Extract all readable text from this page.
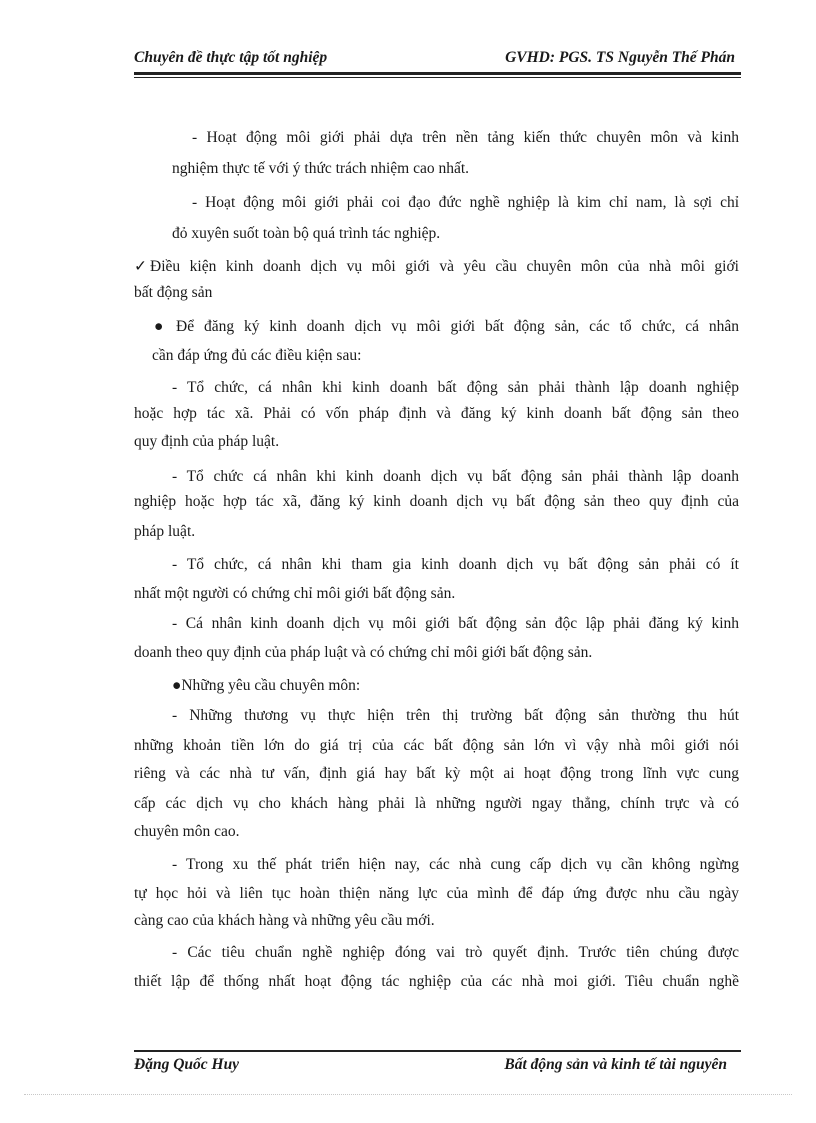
Chuyên đề thực tập tốt nghiệp	GVHD: PGS. TS Nguyễn Thế Phán
- Hoạt động môi giới phải dựa trên nền tảng kiến thức chuyên môn và kinh
nghiệm thực tế với ý thức trách nhiệm cao nhất.
- Hoạt động môi giới phải coi đạo đức nghề nghiệp là kim chỉ nam, là sợi chỉ
đỏ xuyên suốt toàn bộ quá trình tác nghiệp.
✓ Điều kiện kinh doanh dịch vụ môi giới và yêu cầu chuyên môn của nhà môi giới
bất động sản
● Để đăng ký kinh doanh dịch vụ môi giới bất động sản, các tổ chức, cá nhân
cần đáp ứng đủ các điều kiện sau:
- Tổ chức, cá nhân khi kinh doanh bất động sản phải thành lập doanh nghiệp
hoặc hợp tác xã. Phải có vốn pháp định và đăng ký kinh doanh bất động sản theo
quy định của pháp luật.
- Tổ chức cá nhân khi kinh doanh dịch vụ bất động sản phải thành lập doanh
nghiệp hoặc hợp tác xã, đăng ký kinh doanh dịch vụ bất động sản theo quy định của
pháp luật.
- Tổ chức, cá nhân khi tham gia kinh doanh dịch vụ bất động sản phải có ít
nhất một người có chứng chỉ môi giới bất động sản.
- Cá nhân kinh doanh dịch vụ môi giới bất động sản độc lập phải đăng ký kinh
doanh theo quy định của pháp luật và có chứng chỉ môi giới bất động sản.
●Những yêu cầu chuyên môn:
- Những thương vụ thực hiện trên thị trường bất động sản thường thu hút
những khoản tiền lớn do giá trị của các bất động sản lớn vì vậy nhà môi giới nói
riêng và các nhà tư vấn, định giá hay bất kỳ một ai hoạt động trong lĩnh vực cung
cấp các dịch vụ cho khách hàng phải là những người ngay thẳng, chính trực và có
chuyên môn cao.
- Trong xu thế phát triển hiện nay, các nhà cung cấp dịch vụ cần không ngừng
tự học hỏi và liên tục hoàn thiện năng lực của mình để đáp ứng được nhu cầu ngày
càng cao của khách hàng và những yêu cầu mới.
- Các tiêu chuẩn nghề nghiệp đóng vai trò quyết định. Trước tiên chúng được
thiết lập để thống nhất hoạt động tác nghiệp của các nhà moi giới. Tiêu chuẩn nghề
Đặng Quốc Huy	Bất động sản và kinh tế tài nguyên
